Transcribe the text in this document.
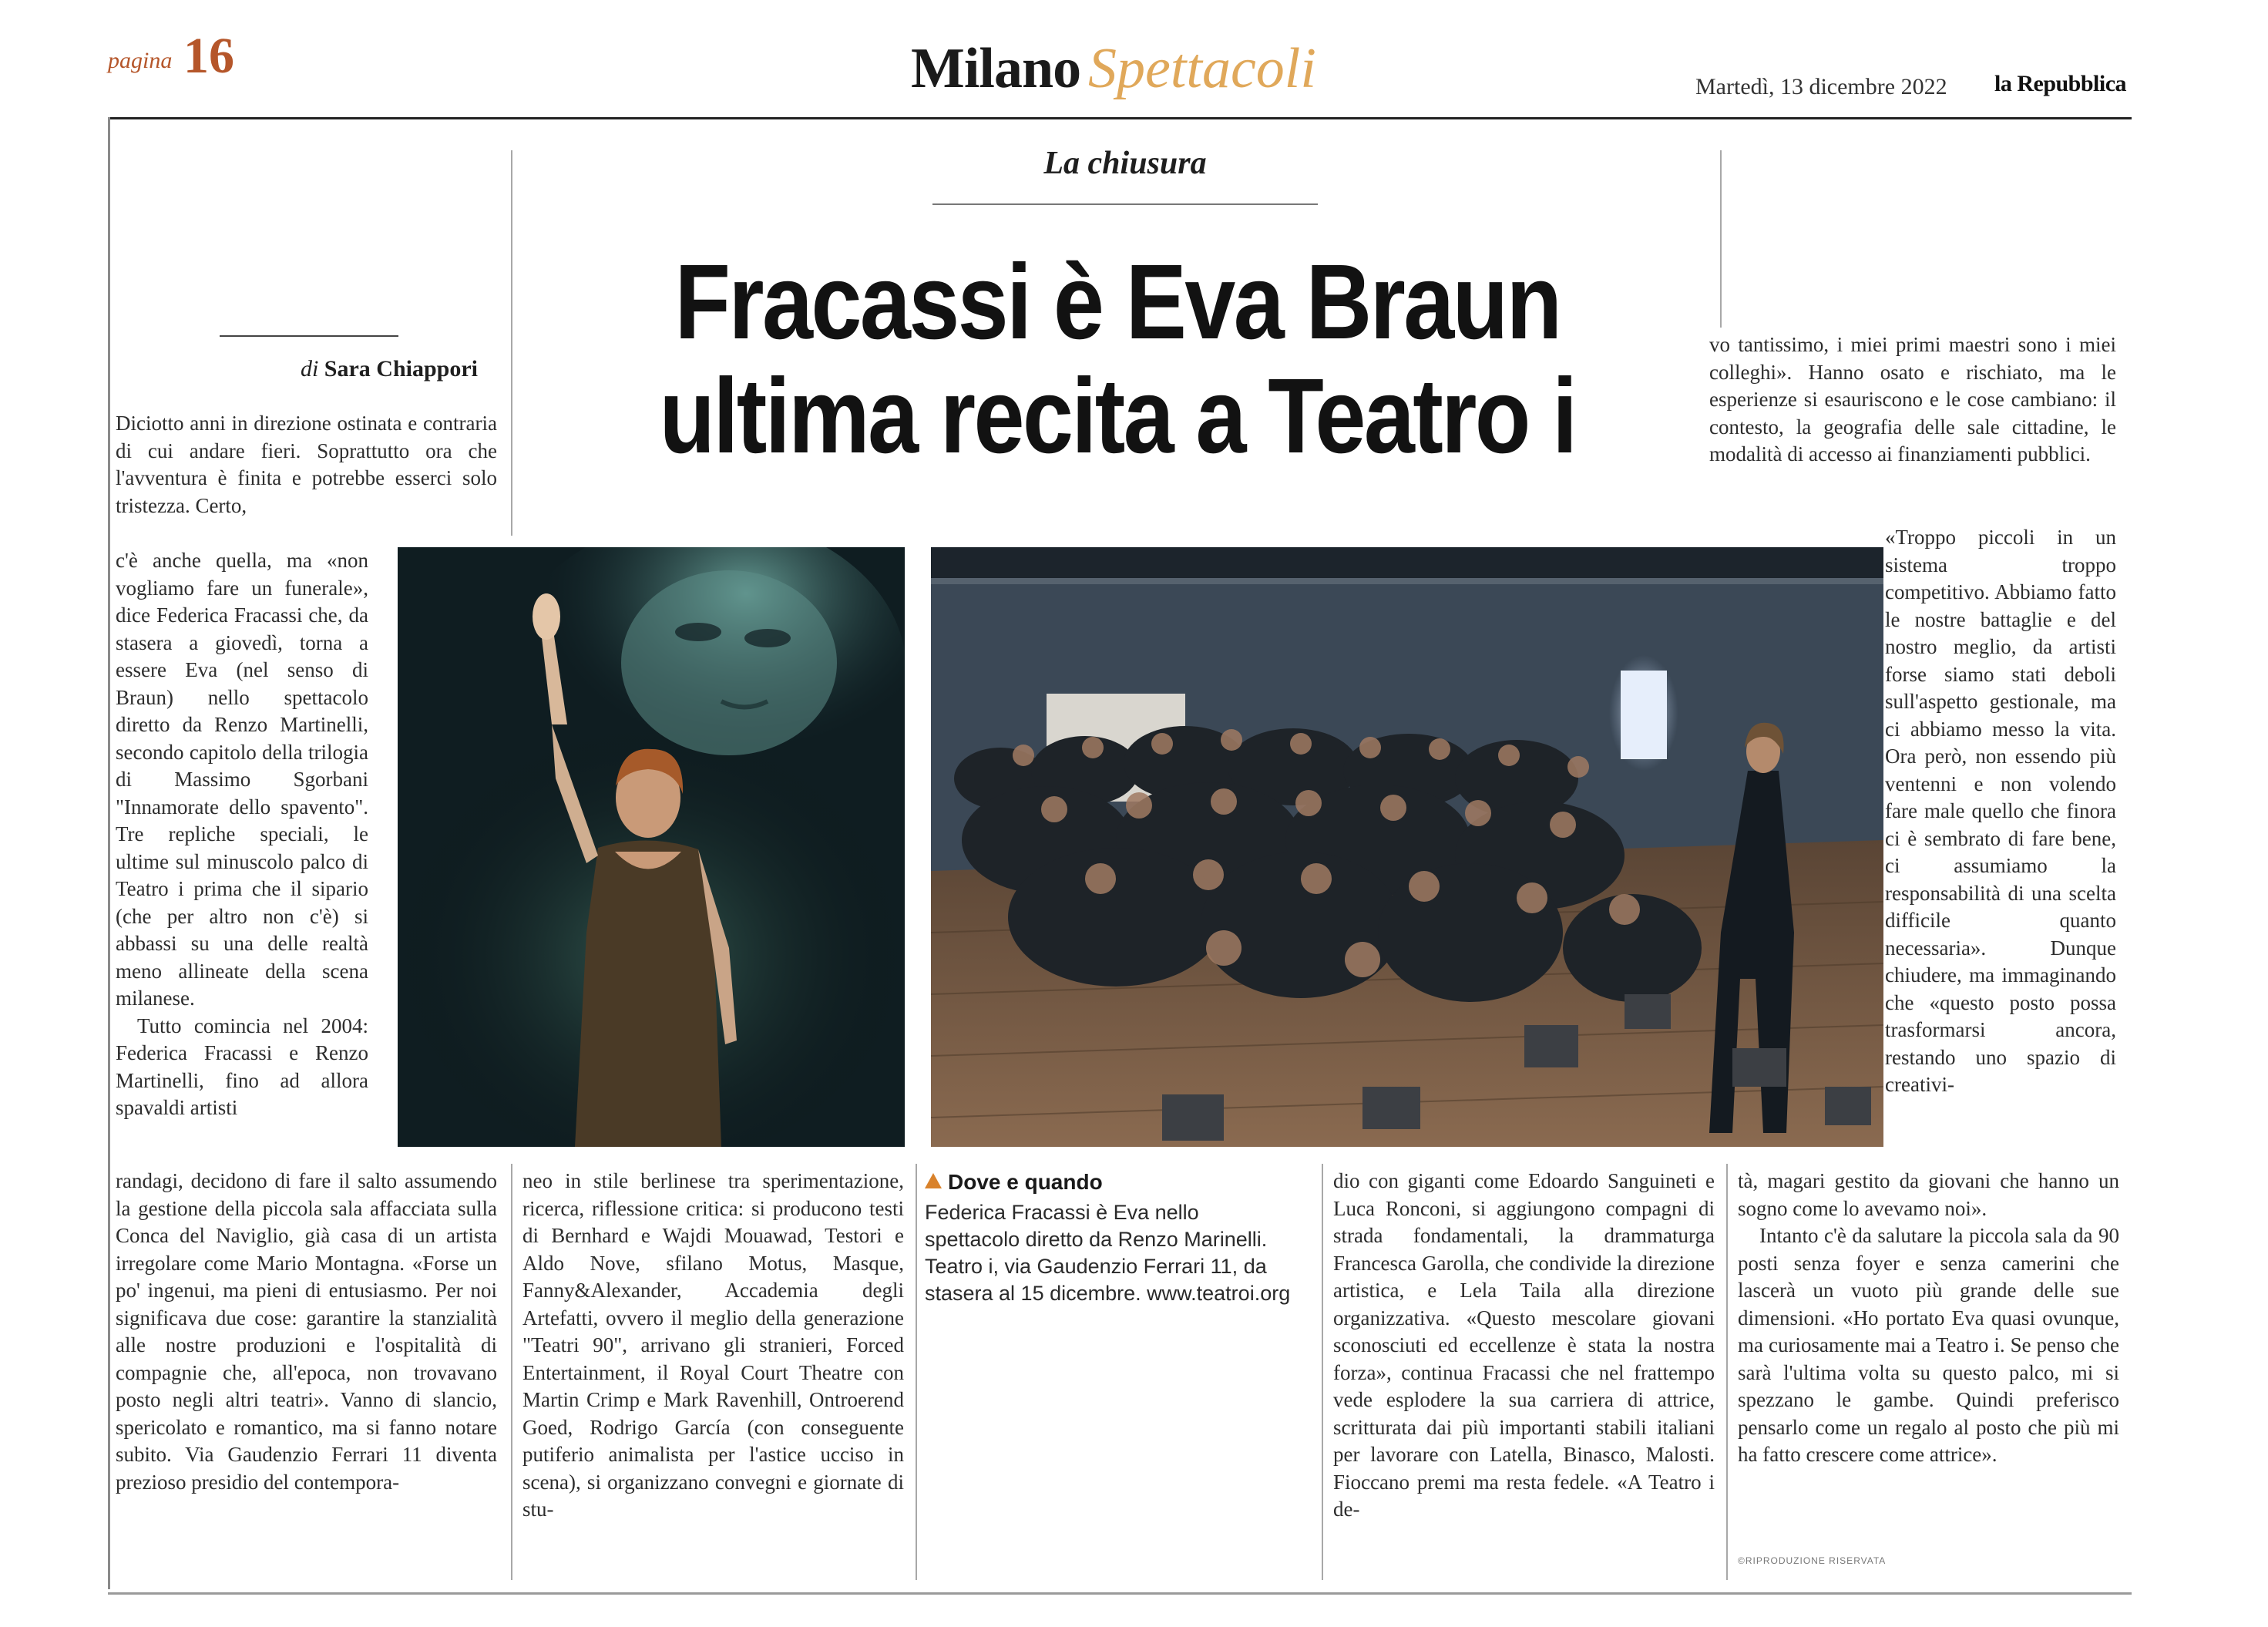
pagina 16	Milano Spettacoli	Martedì, 13 dicembre 2022 la Repubblica
La chiusura
Fracassi è Eva Braun
ultima recita a Teatro i
di Sara Chiappori

Diciotto anni in direzione ostinata e contraria di cui andare fieri. Soprattutto ora che l'avventura è finita e potrebbe esserci solo tristezza. Certo,

c'è anche quella, ma «non vogliamo fare un funerale», dice Federica Fracassi che, da stasera a giovedì, torna a essere Eva (nel senso di Braun) nello spettacolo diretto da Renzo Martinelli, secondo capitolo della trilogia di Massimo Sgorbani "Innamorate dello spavento". Tre repliche speciali, le ultime sul minuscolo palco di Teatro i prima che il sipario (che per altro non c'è) si abbassi su una delle realtà meno allineate della scena milanese.

Tutto comincia nel 2004: Federica Fracassi e Renzo Martinelli, fino ad allora spavaldi artisti

vo tantissimo, i miei primi maestri sono i miei colleghi». Hanno osato e rischiato, ma le esperienze si esauriscono e le cose cambiano: il contesto, la geografia delle sale cittadine, le modalità di accesso ai finanziamenti pubblici.

«Troppo piccoli in un sistema troppo competitivo. Abbiamo fatto le nostre battaglie e del nostro meglio, da artisti forse siamo stati deboli sull'aspetto gestionale, ma ci abbiamo messo la vita. Ora però, non essendo più ventenni e non volendo fare male quello che finora ci è sembrato di fare bene, ci assumiamo la responsabilità di una scelta difficile quanto necessaria». Dunque chiudere, ma immaginando che «questo posto possa trasformarsi ancora, restando uno spazio di creativi-

randagi, decidono di fare il salto assumendo la gestione della piccola sala affacciata sulla Conca del Naviglio, già casa di un artista irregolare come Mario Montagna. «Forse un po' ingenui, ma pieni di entusiasmo. Per noi significava due cose: garantire la stanzialità alle nostre produzioni e l'ospitalità di compagnie che, all'epoca, non trovavano posto negli altri teatri». Vanno di slancio, spericolato e romantico, ma si fanno notare subito. Via Gaudenzio Ferrari 11 diventa prezioso presidio del contempora-

neo in stile berlinese tra sperimentazione, ricerca, riflessione critica: si producono testi di Bernhard e Wajdi Mouawad, Testori e Aldo Nove, sfilano Motus, Masque, Fanny&Alexander, Accademia degli Artefatti, ovvero il meglio della generazione "Teatri 90", arrivano gli stranieri, Forced Entertainment, il Royal Court Theatre con Martin Crimp e Mark Ravenhill, Ontroerend Goed, Rodrigo García (con conseguente putiferio animalista per l'astice ucciso in scena), si organizzano convegni e giornate di stu-

Dove e quando
Federica Fracassi è Eva nello spettacolo diretto da Renzo Marinelli. Teatro i, via Gaudenzio Ferrari 11, da stasera al 15 dicembre. www.teatroi.org

dio con giganti come Edoardo Sanguineti e Luca Ronconi, si aggiungono compagni di strada fondamentali, la drammaturga Francesca Garolla, che condivide la direzione artistica, e Lela Taila alla direzione organizzativa. «Questo mescolare giovani sconosciuti ed eccellenze è stata la nostra forza», continua Fracassi che nel frattempo vede esplodere la sua carriera di attrice, scritturata dai più importanti stabili italiani per lavorare con Latella, Binasco, Malosti. Fioccano premi ma resta fedele. «A Teatro i de-

tà, magari gestito da giovani che hanno un sogno come lo avevamo noi».

Intanto c'è da salutare la piccola sala da 90 posti senza foyer e senza camerini che lascerà un vuoto più grande delle sue dimensioni. «Ho portato Eva quasi ovunque, ma curiosamente mai a Teatro i. Se penso che sarà l'ultima volta su questo palco, mi si spezzano le gambe. Quindi preferisco pensarlo come un regalo al posto che più mi ha fatto crescere come attrice».

©RIPRODUZIONE RISERVATA
